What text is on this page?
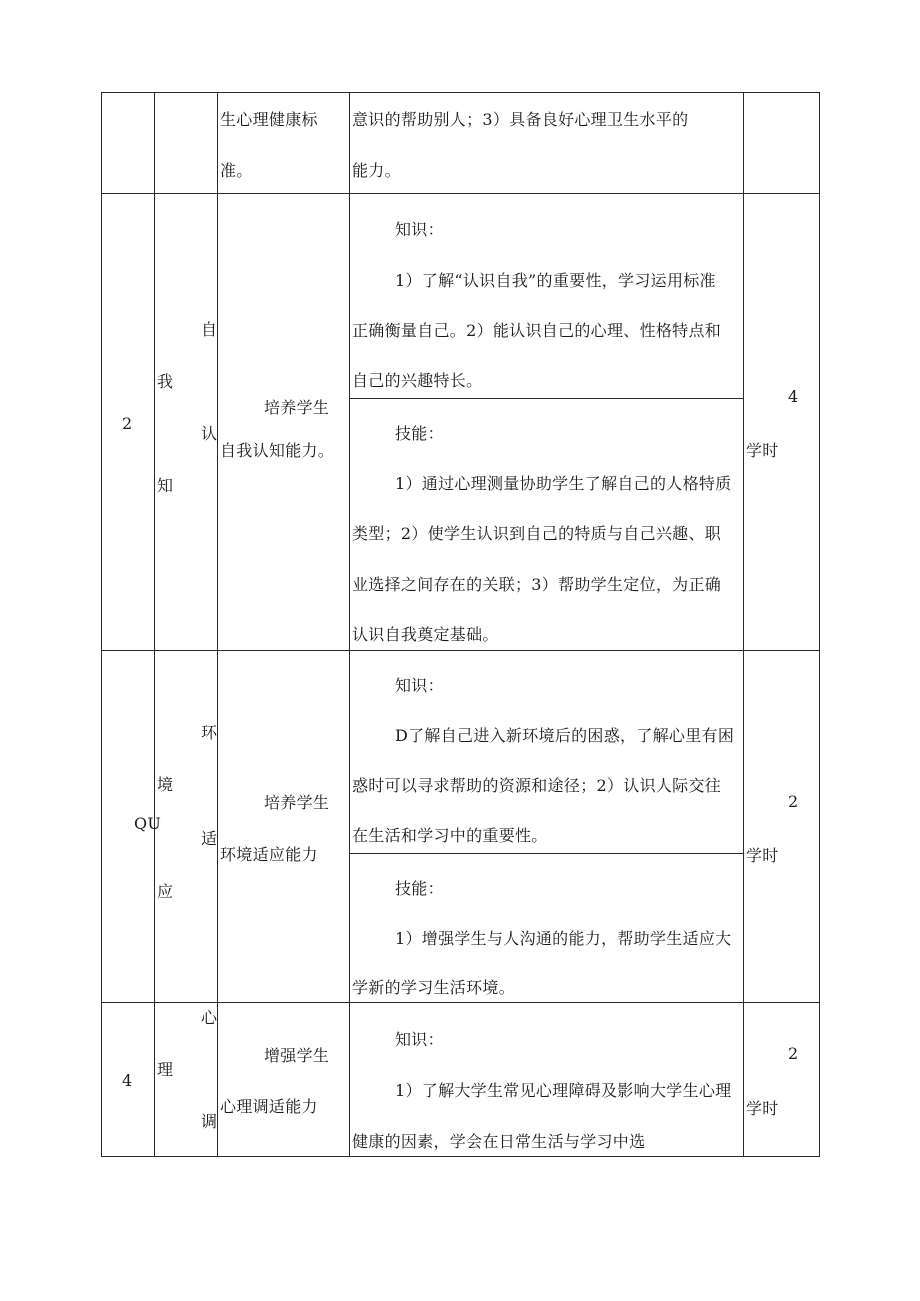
生心理健康标
准。
意识的帮助别人；3）具备良好心理卫生水平的
能力。
2
自
我
认
知
培养学生
自我认知能力。
知识：
1）了解“认识自我”的重要性，学习运用标准
正确衡量自己。2）能认识自己的心理、性格特点和
自己的兴趣特长。
技能：
1）通过心理测量协助学生了解自己的人格特质
类型；2）使学生认识到自己的特质与自己兴趣、职
业选择之间存在的关联；3）帮助学生定位，为正确
认识自我奠定基础。
4
学时
QU
环
境
适
应
培养学生
环境适应能力
知识：
D了解自己进入新环境后的困惑，了解心里有困
惑时可以寻求帮助的资源和途径；2）认识人际交往
在生活和学习中的重要性。
技能：
1）增强学生与人沟通的能力，帮助学生适应大
学新的学习生活环境。
2
学时
4
心
理
调
增强学生
心理调适能力
知识：
1）了解大学生常见心理障碍及影响大学生心理
健康的因素，学会在日常生活与学习中选
2
学时
